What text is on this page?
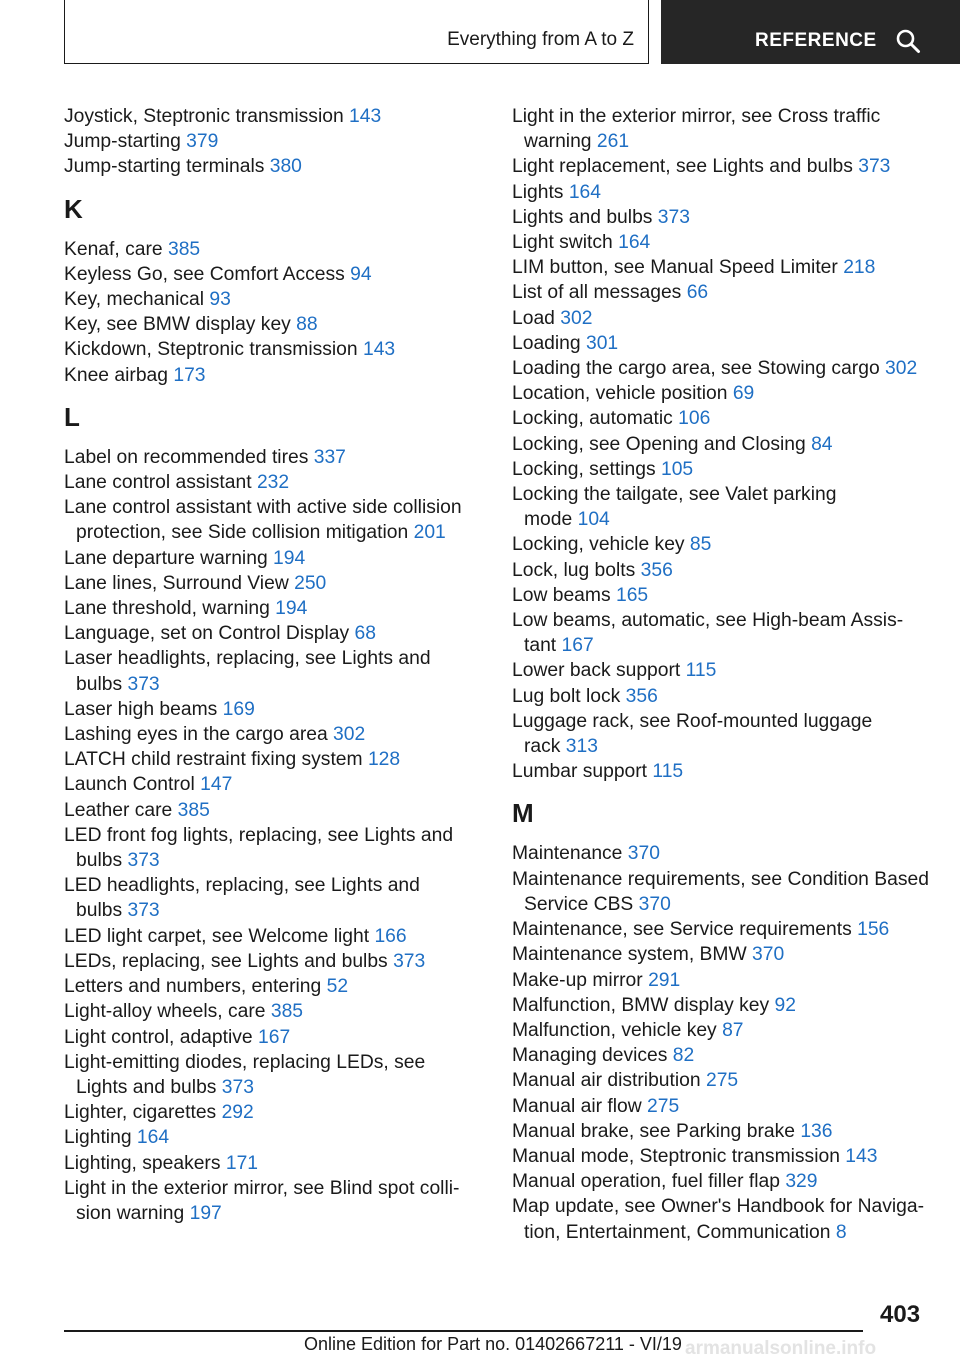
Everything from A to Z	REFERENCE
Joystick, Steptronic transmission 143
Jump-starting 379
Jump-starting terminals 380
K
Kenaf, care 385
Keyless Go, see Comfort Access 94
Key, mechanical 93
Key, see BMW display key 88
Kickdown, Steptronic transmission 143
Knee airbag 173
L
Label on recommended tires 337
Lane control assistant 232
Lane control assistant with active side collision
protection, see Side collision mitigation 201
Lane departure warning 194
Lane lines, Surround View 250
Lane threshold, warning 194
Language, set on Control Display 68
Laser headlights, replacing, see Lights and
bulbs 373
Laser high beams 169
Lashing eyes in the cargo area 302
LATCH child restraint fixing system 128
Launch Control 147
Leather care 385
LED front fog lights, replacing, see Lights and
bulbs 373
LED headlights, replacing, see Lights and
bulbs 373
LED light carpet, see Welcome light 166
LEDs, replacing, see Lights and bulbs 373
Letters and numbers, entering 52
Light-alloy wheels, care 385
Light control, adaptive 167
Light-emitting diodes, replacing LEDs, see
Lights and bulbs 373
Lighter, cigarettes 292
Lighting 164
Lighting, speakers 171
Light in the exterior mirror, see Blind spot colli-
sion warning 197
Light in the exterior mirror, see Cross traffic
warning 261
Light replacement, see Lights and bulbs 373
Lights 164
Lights and bulbs 373
Light switch 164
LIM button, see Manual Speed Limiter 218
List of all messages 66
Load 302
Loading 301
Loading the cargo area, see Stowing cargo 302
Location, vehicle position 69
Locking, automatic 106
Locking, see Opening and Closing 84
Locking, settings 105
Locking the tailgate, see Valet parking
mode 104
Locking, vehicle key 85
Lock, lug bolts 356
Low beams 165
Low beams, automatic, see High-beam Assis-
tant 167
Lower back support 115
Lug bolt lock 356
Luggage rack, see Roof-mounted luggage
rack 313
Lumbar support 115
M
Maintenance 370
Maintenance requirements, see Condition Based
Service CBS 370
Maintenance, see Service requirements 156
Maintenance system, BMW 370
Make-up mirror 291
Malfunction, BMW display key 92
Malfunction, vehicle key 87
Managing devices 82
Manual air distribution 275
Manual air flow 275
Manual brake, see Parking brake 136
Manual mode, Steptronic transmission 143
Manual operation, fuel filler flap 329
Map update, see Owner's Handbook for Naviga-
tion, Entertainment, Communication 8
403
Online Edition for Part no. 01402667211 - VI/19 armanualsonline.info
